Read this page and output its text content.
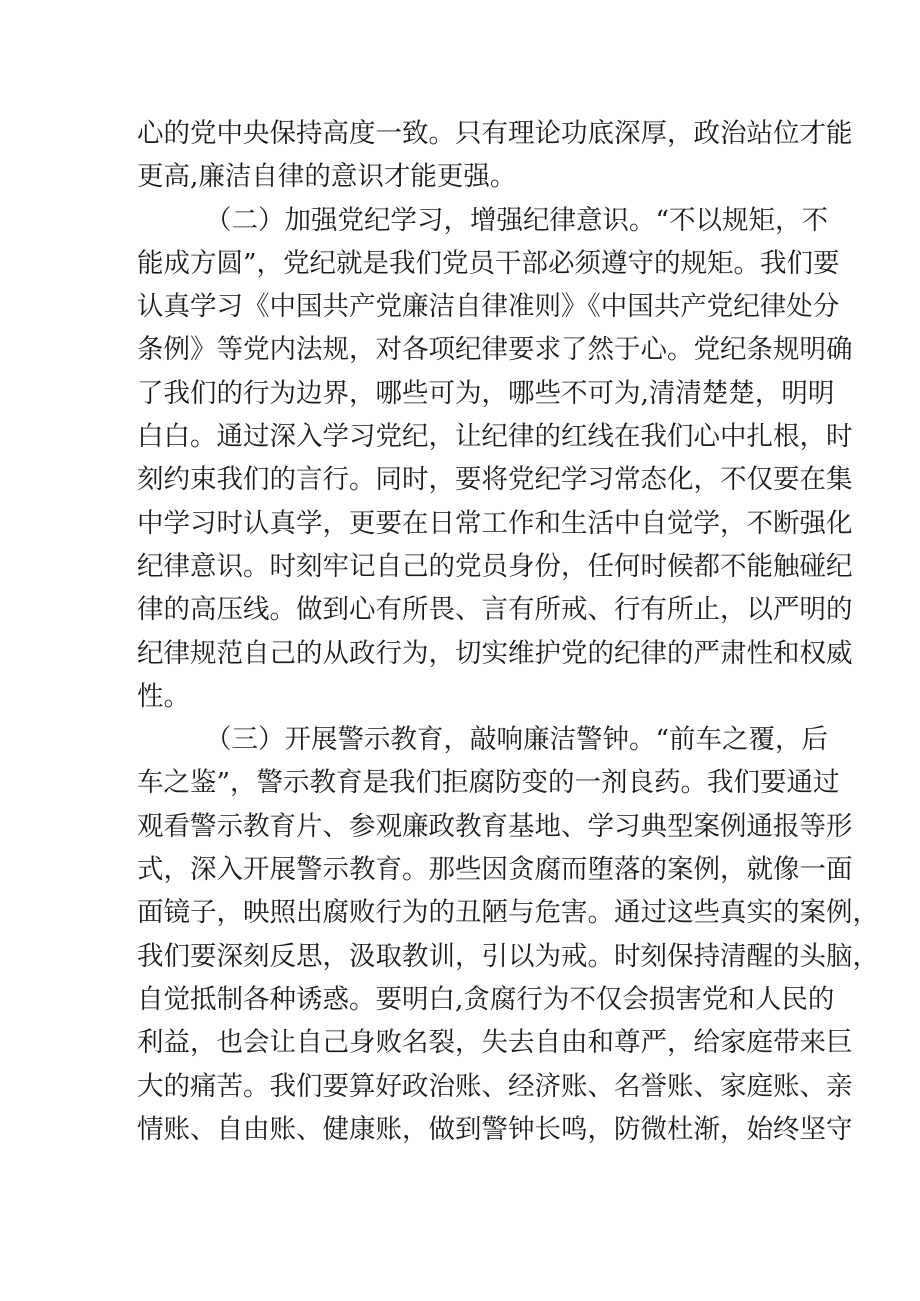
心的党中央保持高度一致。只有理论功底深厚，政治站位才能
更高,廉洁自律的意识才能更强。
（二）加强党纪学习，增强纪律意识。“不以规矩，不
能成方圆”，党纪就是我们党员干部必须遵守的规矩。我们要
认真学习《中国共产党廉洁自律准则》《中国共产党纪律处分
条例》等党内法规，对各项纪律要求了然于心。党纪条规明确
了我们的行为边界，哪些可为，哪些不可为,清清楚楚，明明
白白。通过深入学习党纪，让纪律的红线在我们心中扎根，时
刻约束我们的言行。同时，要将党纪学习常态化，不仅要在集
中学习时认真学，更要在日常工作和生活中自觉学，不断强化
纪律意识。时刻牢记自己的党员身份，任何时候都不能触碰纪
律的高压线。做到心有所畏、言有所戒、行有所止，以严明的
纪律规范自己的从政行为，切实维护党的纪律的严肃性和权威
性。
（三）开展警示教育，敲响廉洁警钟。“前车之覆，后
车之鉴”，警示教育是我们拒腐防变的一剂良药。我们要通过
观看警示教育片、参观廉政教育基地、学习典型案例通报等形
式，深入开展警示教育。那些因贪腐而堕落的案例，就像一面
面镜子，映照出腐败行为的丑陋与危害。通过这些真实的案例，
我们要深刻反思，汲取教训，引以为戒。时刻保持清醒的头脑，
自觉抵制各种诱惑。要明白,贪腐行为不仅会损害党和人民的
利益，也会让自己身败名裂，失去自由和尊严，给家庭带来巨
大的痛苦。我们要算好政治账、经济账、名誉账、家庭账、亲
情账、自由账、健康账，做到警钟长鸣，防微杜渐，始终坚守
